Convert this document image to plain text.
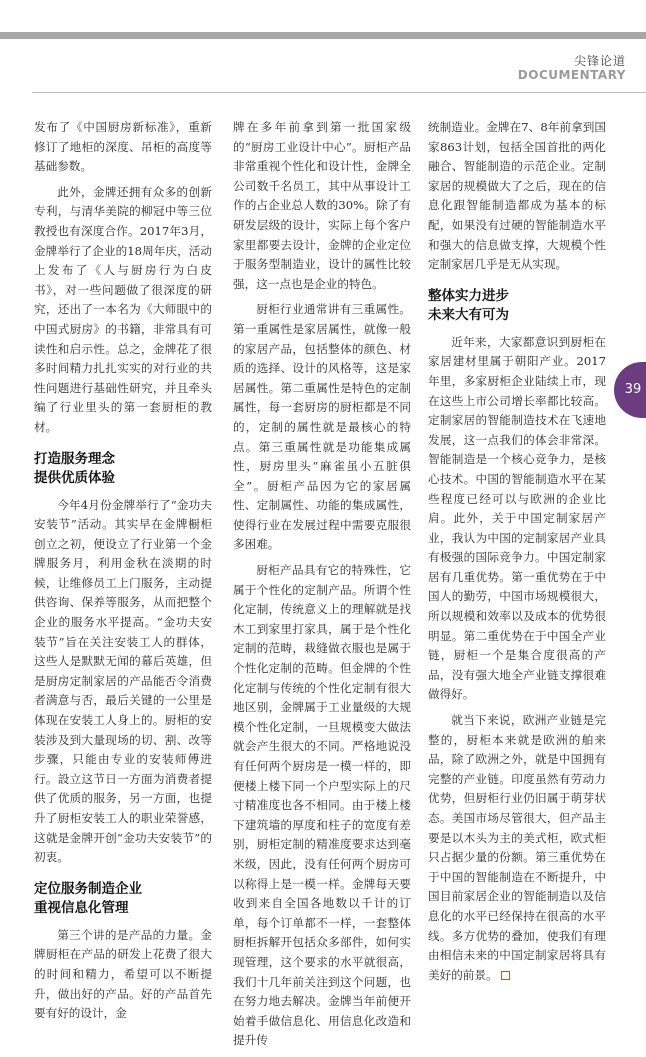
尖锋论道
DOCUMENTARY

发布了《中国厨房新标准》，重新修订了地柜的深度、吊柜的高度等基础参数。

此外，金牌还拥有众多的创新专利，与清华美院的柳冠中等三位教授也有深度合作。2017年3月，金牌举行了企业的18周年庆，活动上发布了《人与厨房行为白皮书》，对一些问题做了很深度的研究，还出了一本名为《大师眼中的中国式厨房》的书籍，非常具有可读性和启示性。总之，金牌花了很多时间精力扎扎实实的对行业的共性问题进行基础性研究，并且牵头编了行业里头的第一套厨柜的教材。

打造服务理念
提供优质体验

今年4月份金牌举行了“金功夫安装节”活动。其实早在金牌橱柜创立之初，便设立了行业第一个金牌服务月，利用金秋在淡期的时候，让维修员工上门服务，主动提供咨询、保养等服务，从而把整个企业的服务水平提高。“金功夫安装节”旨在关注安装工人的群体，这些人是默默无闻的幕后英雄，但是厨房定制家居的产品能否令消费者满意与否，最后关键的一公里是体现在安装工人身上的。厨柜的安装涉及到大量现场的切、割、改等步骤，只能由专业的安装师傅进行。設立这节日一方面为消费者提供了优质的服务，另一方面，也提升了厨柜安装工人的职业荣誉感，这就是金牌开创“金功夫安装节”的初衷。

定位服务制造企业
重视信息化管理

第三个讲的是产品的力量。金牌厨柜在产品的研发上花费了很大的时间和精力，希望可以不断提升，做出好的产品。好的产品首先要有好的设计，金

牌在多年前拿到第一批国家级的“厨房工业设计中心”。厨柜产品非常重视个性化和设计性，金牌全公司数千名员工，其中从事设计工作的占企业总人数的30%。除了有研发层级的设计，实际上每个客户家里都要去设计，金牌的企业定位于服务型制造业，设计的属性比较强，这一点也是企业的特色。

厨柜行业通常讲有三重属性。第一重属性是家居属性，就像一般的家居产品，包括整体的颜色、材质的选择、设计的风格等，这是家居属性。第二重属性是特色的定制属性，每一套厨房的厨柜都是不同的，定制的属性就是最核心的特点。第三重属性就是功能集成属性，厨房里头“麻雀虽小五脏俱全”。厨柜产品因为它的家居属性、定制属性、功能的集成属性，使得行业在发展过程中需要克服很多困难。

厨柜产品具有它的特殊性，它属于个性化的定制产品。所谓个性化定制，传统意义上的理解就是找木工到家里打家具，属于是个性化定制的范畴，栽缝做衣服也是属于个性化定制的范畴。但金牌的个性化定制与传统的个性化定制有很大地区别，金牌属于工业量级的大规模个性化定制，一旦规模变大做法就会产生很大的不同。严格地说没有任何两个厨房是一模一样的，即便楼上楼下同一个户型实际上的尺寸精准度也各不相同。由于楼上楼下建筑墙的厚度和柱子的宽度有差别，厨柜定制的精准度要求达到毫米级，因此，没有任何两个厨房可以称得上是一模一样。金牌每天要收到来自全国各地数以千计的订单，每个订单都不一样，一套整体厨柜拆解开包括众多部件，如何实现管理，这个要求的水平就很高，我们十几年前关注到这个问题，也在努力地去解决。金牌当年前便开始着手做信息化、用信息化改造和提升传

统制造业。金牌在7、8年前拿到国家863计划，包括全国首批的两化融合、智能制造的示范企业。定制家居的规模做大了之后，现在的信息化跟智能制造都成为基本的标配，如果没有过硬的智能制造水平和强大的信息做支撑，大规模个性定制家居几乎是无从实现。

整体实力进步
未来大有可为

近年来，大家都意识到厨柜在家居建材里属于朝阳产业。2017年里，多家厨柜企业陆续上市，现在这些上市公司增长率都比较高。定制家居的智能制造技术在飞速地发展，这一点我们的体会非常深。智能制造是一个核心竞争力，是核心技术。中国的智能制造水平在某些程度已经可以与欧洲的企业比肩。此外，关于中国定制家居产业，我认为中国的定制家居产业具有极强的国际竞争力。中国定制家居有几重优势。第一重优势在于中国人的勤劳，中国市场规模很大，所以规模和效率以及成本的优势很明显。第二重优势在于中国全产业链，厨柜一个是集合度很高的产品，没有强大地全产业链支撑很难做得好。

就当下来说，欧洲产业链是完整的，厨柜本来就是欧洲的舶来品，除了欧洲之外，就是中国拥有完整的产业链。印度虽然有劳动力优势，但厨柜行业仍旧属于萌芽状态。美国市场尽管很大，但产品主要是以木头为主的美式柜，欧式柜只占据少量的份额。第三重优势在于中国的智能制造在不断提升，中国目前家居企业的智能制造以及信息化的水平已经保持在很高的水平线。多方优势的叠加，使我们有理由相信未来的中国定制家居将具有美好的前景。

39
